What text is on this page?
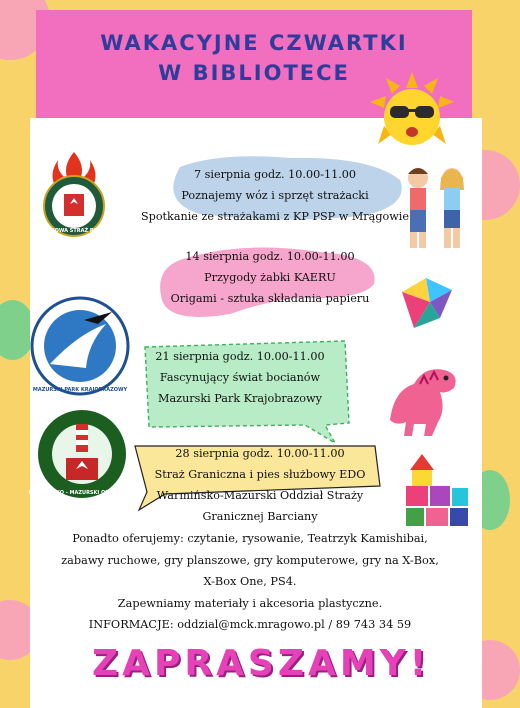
WAKACYJNE CZWARTKI
W BIBLIOTECE
7 sierpnia godz. 10.00-11.00
Poznajemy wóz i sprzęt strażacki
Spotkanie ze strażakami z KP PSP w Mrągowie
14 sierpnia godz. 10.00-11.00
Przygody żabki KAERU
Origami - sztuka składania papieru
21 sierpnia godz. 10.00-11.00
Fascynujący świat bocianów
Mazurski Park Krajobrazowy
28 sierpnia godz. 10.00-11.00
Straż Graniczna i pies służbowy EDO
Warmińsko-Mazurski Oddział Straży
Granicznej Barciany
PAŃSTWOWA STRAŻ POŻARNA
MAZURSKI PARK KRAJOBRAZOWY
WARMIŃSKO - MAZURSKI ODDZIAŁ SG
Ponadto oferujemy: czytanie, rysowanie, Teatrzyk Kamishibai,
zabawy ruchowe, gry planszowe, gry komputerowe, gry na X-Box,
X-Box One, PS4.
Zapewniamy materiały i akcesoria plastyczne.
INFORMACJE: oddzial@mck.mragowo.pl / 89 743 34 59
ZAPRASZAMY!
